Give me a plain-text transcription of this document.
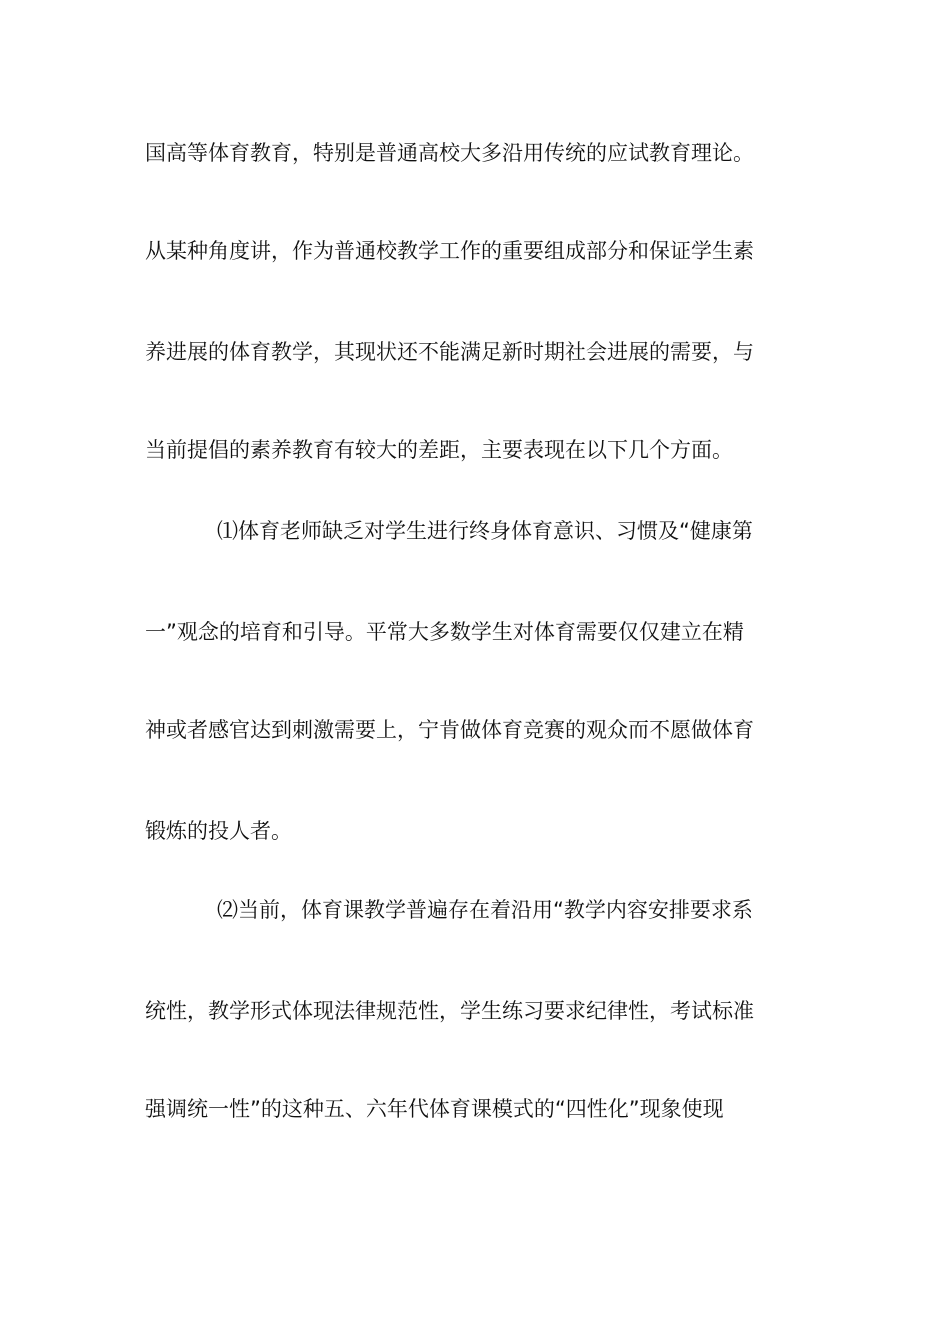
国高等体育教育，特别是普通高校大多沿用传统的应试教育理论。
从某种角度讲，作为普通校教学工作的重要组成部分和保证学生素
养进展的体育教学，其现状还不能满足新时期社会进展的需要，与
当前提倡的素养教育有较大的差距，主要表现在以下几个方面。
⑴体育老师缺乏对学生进行终身体育意识、习惯及“健康第
一”观念的培育和引导。平常大多数学生对体育需要仅仅建立在精
神或者感官达到刺激需要上，宁肯做体育竞赛的观众而不愿做体育
锻炼的投人者。
⑵当前，体育课教学普遍存在着沿用“教学内容安排要求系
统性，教学形式体现法律规范性，学生练习要求纪律性，考试标准
强调统一性”的这种五、六年代体育课模式的“四性化”现象使现
